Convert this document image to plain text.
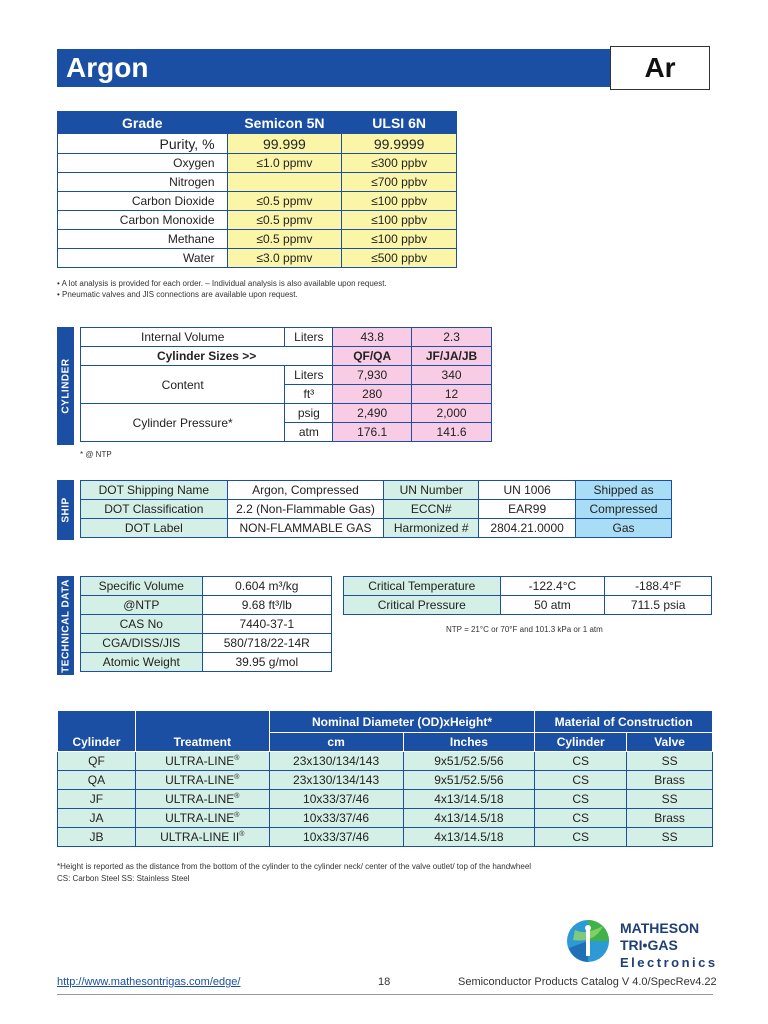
Argon	Ar
Grade	Semicon 5N	ULSI 6N
Purity, %	99.999	99.9999
Oxygen	≤1.0 ppmv	≤300 ppbv
Nitrogen		≤700 ppbv
Carbon Dioxide	≤0.5 ppmv	≤100 ppbv
Carbon Monoxide	≤0.5 ppmv	≤100 ppbv
Methane	≤0.5 ppmv	≤100 ppbv
Water	≤3.0 ppmv	≤500 ppbv
• A lot analysis is provided for each order. – Individual analysis is also available upon request.
• Pneumatic valves and JIS connections are available upon request.
CYLINDER
Internal Volume	Liters	43.8	2.3
Cylinder Sizes >>		QF/QA	JF/JA/JB
Content	Liters	7,930	340
	ft³	280	12
Cylinder Pressure*	psig	2,490	2,000
	atm	176.1	141.6
* @ NTP
SHIP
DOT Shipping Name	Argon, Compressed	UN Number	UN 1006	Shipped as
DOT Classification	2.2 (Non-Flammable Gas)	ECCN#	EAR99	Compressed
DOT Label	NON-FLAMMABLE GAS	Harmonized #	2804.21.0000	Gas
TECHNICAL DATA Specific Volume	0.604 m³/kg
@NTP	9.68 ft³/lb
CAS No	7440-37-1
CGA/DISS/JIS	580/718/22-14R
Atomic Weight	39.95 g/mol
Critical Temperature	-122.4°C	-188.4°F
Critical Pressure	50 atm	711.5 psia
NTP = 21°C or 70°F and 101.3 kPa or 1 atm
Cylinder	Treatment	Nominal Diameter (OD)xHeight*		Material of Construction	
		cm	Inches	Cylinder	Valve
QF	ULTRA-LINE®	23x130/134/143	9x51/52.5/56	CS	SS
QA	ULTRA-LINE®	23x130/134/143	9x51/52.5/56	CS	Brass
JF	ULTRA-LINE®	10x33/37/46	4x13/14.5/18	CS	SS
JA	ULTRA-LINE®	10x33/37/46	4x13/14.5/18	CS	Brass
JB	ULTRA-LINE II®	10x33/37/46	4x13/14.5/18	CS	SS
*Height is reported as the distance from the bottom of the cylinder to the cylinder neck/ center of the valve outlet/ top of the handwheel
CS: Carbon Steel SS: Stainless Steel
MATHESON
TRI•GAS
Electronics
http://www.mathesontrigas.com/edge/	18	Semiconductor Products Catalog V 4.0/SpecRev4.22
